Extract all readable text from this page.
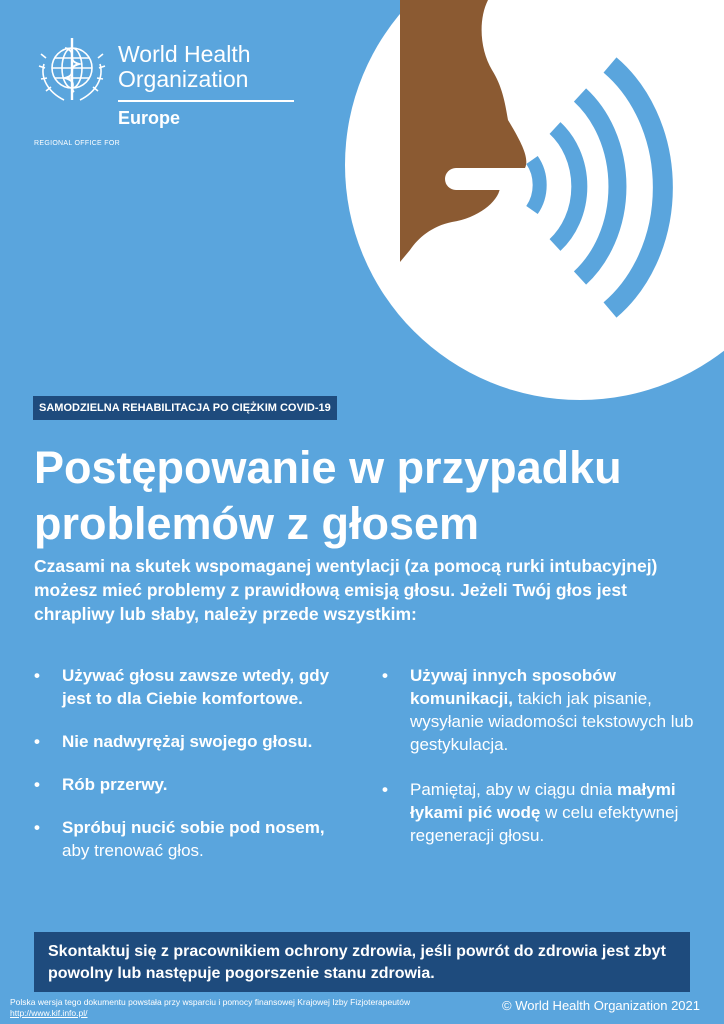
World Health
Organization
REGIONAL OFFICE FOR
Europe
SAMODZIELNA REHABILITACJA PO CIĘŻKIM COVID-19
Postępowanie w przypadku
problemów z głosem

Czasami na skutek wspomaganej wentylacji (za pomocą rurki intubacyjnej) możesz mieć problemy z prawidłową emisją głosu. Jeżeli Twój głos jest chrapliwy lub słaby, należy przede wszystkim:

• Używać głosu zawsze wtedy, gdy jest to dla Ciebie komfortowe.
• Nie nadwyrężaj swojego głosu.
• Rób przerwy.
• Spróbuj nucić sobie pod nosem, aby trenować głos.
• Używaj innych sposobów komunikacji, takich jak pisanie, wysyłanie wiadomości tekstowych lub gestykulacja.
• Pamiętaj, aby w ciągu dnia małymi łykami pić wodę w celu efektywnej regeneracji głosu.
Skontaktuj się z pracownikiem ochrony zdrowia, jeśli powrót do zdrowia jest zbyt powolny lub następuje pogorszenie stanu zdrowia.
Polska wersja tego dokumentu powstała przy wsparciu i pomocy finansowej Krajowej Izby Fizjoterapeutów
http://www.kif.info.pl/	© World Health Organization 2021
